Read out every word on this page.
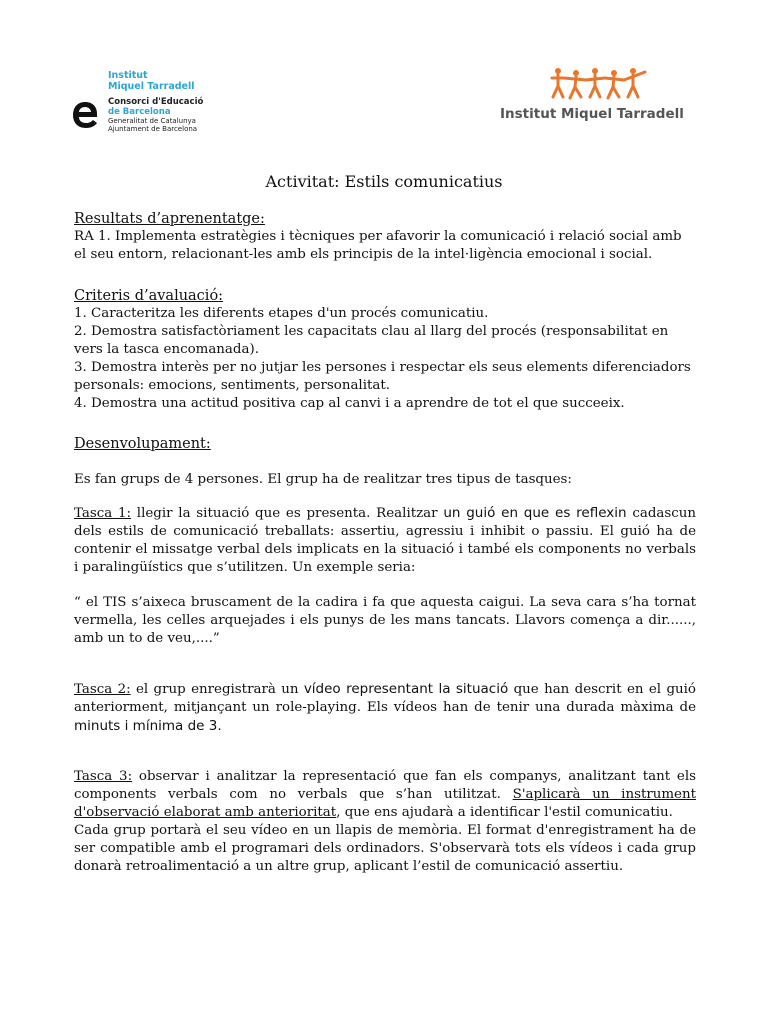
Institut
Miquel Tarradell
Consorci d'Educació
de Barcelona
Generalitat de Catalunya
Ajuntament de Barcelona
Institut Miquel Tarradell
Activitat: Estils comunicatius

Resultats d’aprenentatge:

RA 1. Implementa estratègies i tècniques per afavorir la comunicació i relació social amb el seu entorn, relacionant-les amb els principis de la intel·ligència emocional i social.

Criteris d’avaluació:

1. Caracteritza les diferents etapes d'un procés comunicatiu.

2. Demostra satisfactòriament les capacitats clau al llarg del procés (responsabilitat en vers la tasca encomanada).

3. Demostra interès per no jutjar les persones i respectar els seus elements diferenciadors personals: emocions, sentiments, personalitat.

4. Demostra una actitud positiva cap al canvi i a aprendre de tot el que succeeix.

Desenvolupament:

Es fan grups de 4 persones. El grup ha de realitzar tres tipus de tasques:

Tasca 1: llegir la situació que es presenta. Realitzar un guió en que es reflexin cadascun dels estils de comunicació treballats: assertiu, agressiu i inhibit o passiu. El guió ha de contenir el missatge verbal dels implicats en la situació i també els components no verbals i paralingüístics que s’utilitzen. Un exemple seria:

“ el TIS s’aixeca bruscament de la cadira i fa que aquesta caigui. La seva cara s’ha tornat vermella, les celles arquejades i els punys de les mans tancats. Llavors comença a dir......, amb un to de veu,....”

Tasca 2: el grup enregistrarà un vídeo representant la situació que han descrit en el guió anteriorment, mitjançant un role-playing. Els vídeos han de tenir una durada màxima de minuts i mínima de 3.

Tasca 3: observar i analitzar la representació que fan els companys, analitzant tant els components verbals com no verbals que s’han utilitzat. S'aplicarà un instrument d'observació elaborat amb anterioritat, que ens ajudarà a identificar l'estil comunicatiu.

Cada grup portarà el seu vídeo en un llapis de memòria. El format d'enregistrament ha de ser compatible amb el programari dels ordinadors. S'observarà tots els vídeos i cada grup donarà retroalimentació a un altre grup, aplicant l’estil de comunicació assertiu.
